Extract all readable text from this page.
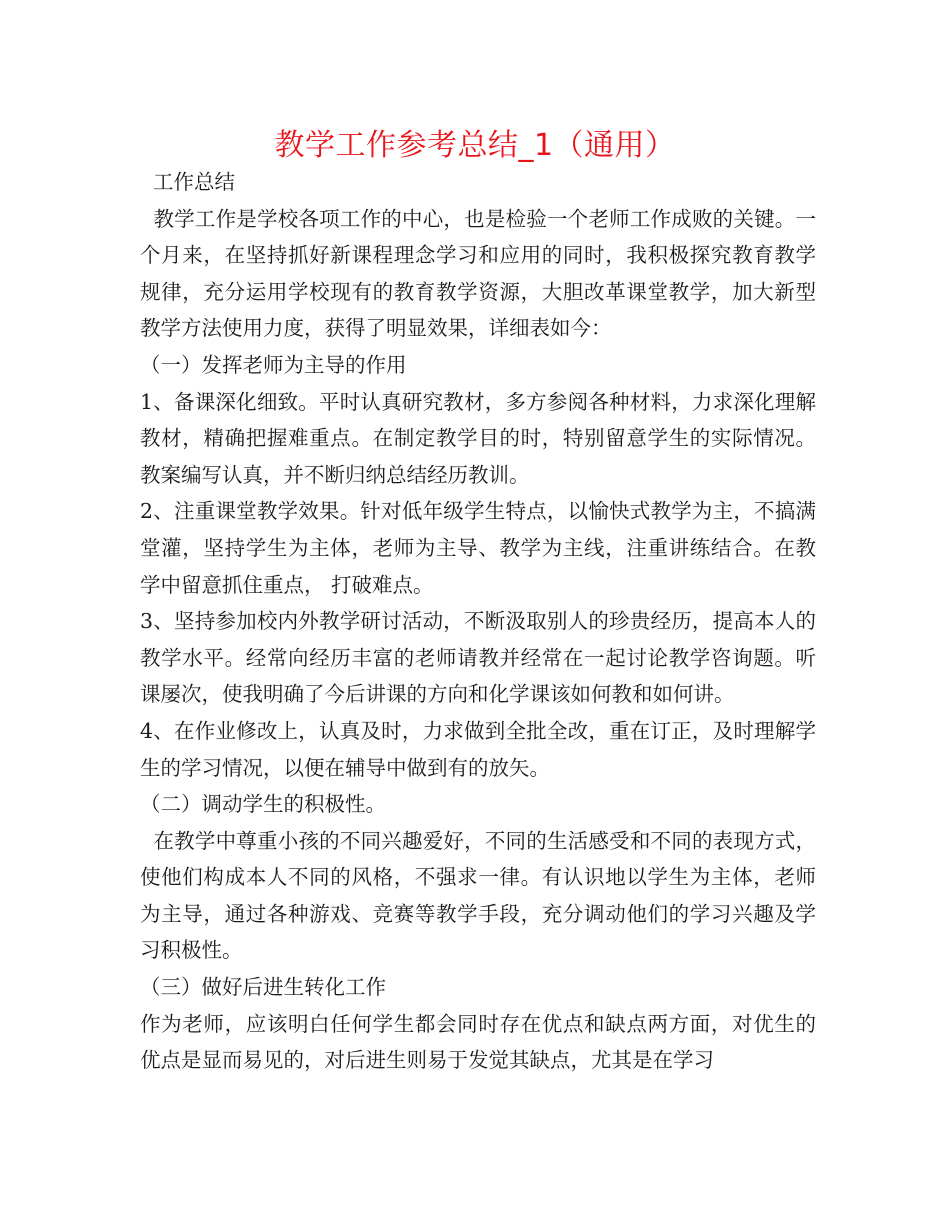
教学工作参考总结_1（通用）

工作总结

教学工作是学校各项工作的中心，也是检验一个老师工作成败的关键。一个月来，在坚持抓好新课程理念学习和应用的同时，我积极探究教育教学规律，充分运用学校现有的教育教学资源，大胆改革课堂教学，加大新型教学方法使用力度，获得了明显效果，详细表如今：

（一）发挥老师为主导的作用

1、备课深化细致。平时认真研究教材，多方参阅各种材料，力求深化理解教材，精确把握难重点。在制定教学目的时，特别留意学生的实际情况。教案编写认真，并不断归纳总结经历教训。

2、注重课堂教学效果。针对低年级学生特点，以愉快式教学为主，不搞满堂灌，坚持学生为主体，老师为主导、教学为主线，注重讲练结合。在教学中留意抓住重点， 打破难点。

3、坚持参加校内外教学研讨活动，不断汲取别人的珍贵经历，提高本人的教学水平。经常向经历丰富的老师请教并经常在一起讨论教学咨询题。听课屡次，使我明确了今后讲课的方向和化学课该如何教和如何讲。

4、在作业修改上，认真及时，力求做到全批全改，重在订正，及时理解学生的学习情况，以便在辅导中做到有的放矢。

（二）调动学生的积极性。

在教学中尊重小孩的不同兴趣爱好，不同的生活感受和不同的表现方式，使他们构成本人不同的风格，不强求一律。有认识地以学生为主体，老师为主导，通过各种游戏、竞赛等教学手段，充分调动他们的学习兴趣及学习积极性。

（三）做好后进生转化工作

作为老师，应该明白任何学生都会同时存在优点和缺点两方面，对优生的优点是显而易见的，对后进生则易于发觉其缺点，尤其是在学习
